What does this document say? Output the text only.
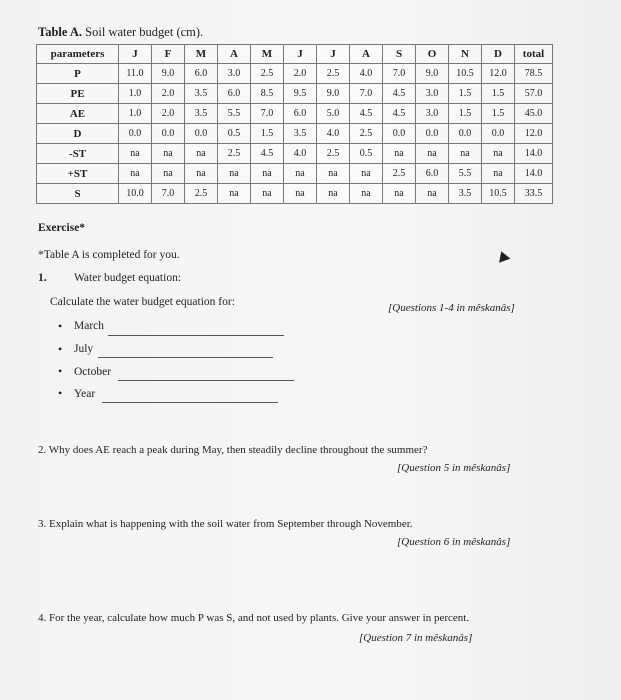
Table A. Soil water budget (cm).
parameters	J	F	M	A	M	J	J	A	S	O	N	D	total
P	11.0	9.0	6.0	3.0	2.5	2.0	2.5	4.0	7.0	9.0	10.5	12.0	78.5
PE	1.0	2.0	3.5	6.0	8.5	9.5	9.0	7.0	4.5	3.0	1.5	1.5	57.0
AE	1.0	2.0	3.5	5.5	7.0	6.0	5.0	4.5	4.5	3.0	1.5	1.5	45.0
D	0.0	0.0	0.0	0.5	1.5	3.5	4.0	2.5	0.0	0.0	0.0	0.0	12.0
-ST	na	na	na	2.5	4.5	4.0	2.5	0.5	na	na	na	na	14.0
+ST	na	na	na	na	na	na	na	na	2.5	6.0	5.5	na	14.0
S	10.0	7.0	2.5	na	na	na	na	na	na	na	3.5	10.5	33.5
Exercise*
*Table A is completed for you.
1. Water budget equation:
Calculate the water budget equation for:	[Questions 1-4 in mêskanâs]
• March
• July
• October
• Year
2. Why does AE reach a peak during May, then steadily decline throughout the summer?
[Question 5 in mêskanâs]
3. Explain what is happening with the soil water from September through November.
[Question 6 in mêskanâs]
4. For the year, calculate how much P was S, and not used by plants. Give your answer in percent.
[Question 7 in mêskanâs]
